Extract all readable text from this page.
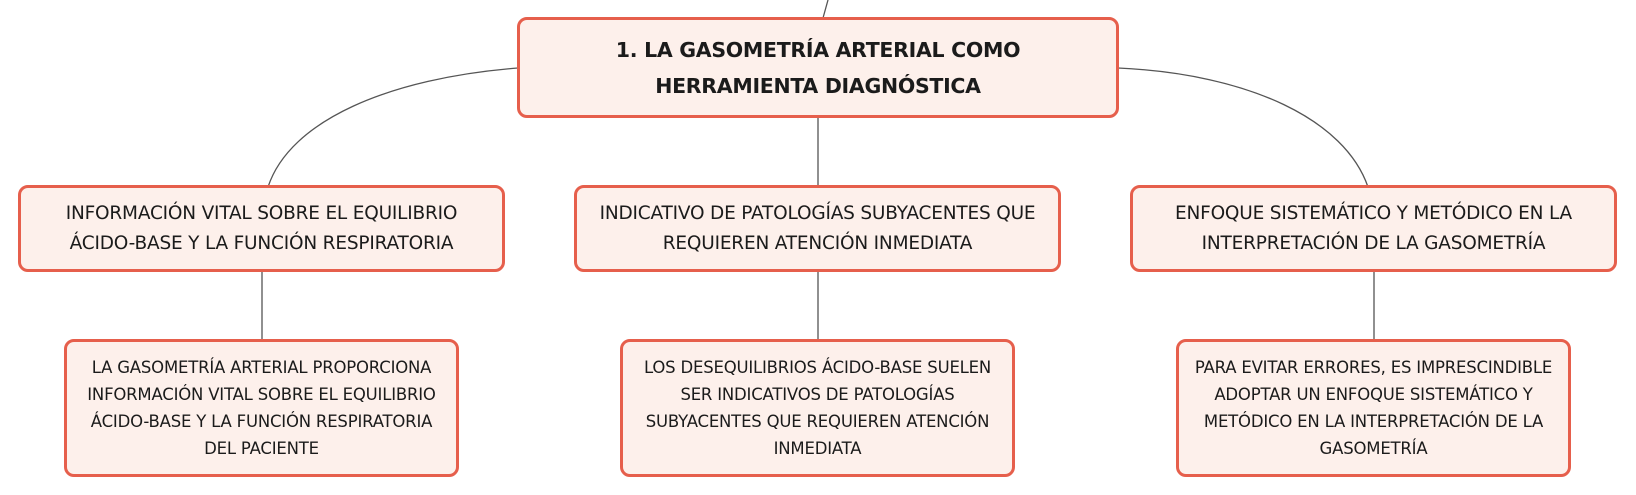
1. LA GASOMETRÍA ARTERIAL COMO HERRAMIENTA DIAGNÓSTICA
INFORMACIÓN VITAL SOBRE EL EQUILIBRIO ÁCIDO-BASE Y LA FUNCIÓN RESPIRATORIA
INDICATIVO DE PATOLOGÍAS SUBYACENTES QUE REQUIEREN ATENCIÓN INMEDIATA
ENFOQUE SISTEMÁTICO Y METÓDICO EN LA INTERPRETACIÓN DE LA GASOMETRÍA
LA GASOMETRÍA ARTERIAL PROPORCIONA INFORMACIÓN VITAL SOBRE EL EQUILIBRIO ÁCIDO-BASE Y LA FUNCIÓN RESPIRATORIA DEL PACIENTE
LOS DESEQUILIBRIOS ÁCIDO-BASE SUELEN SER INDICATIVOS DE PATOLOGÍAS SUBYACENTES QUE REQUIEREN ATENCIÓN INMEDIATA
PARA EVITAR ERRORES, ES IMPRESCINDIBLE ADOPTAR UN ENFOQUE SISTEMÁTICO Y METÓDICO EN LA INTERPRETACIÓN DE LA GASOMETRÍA
